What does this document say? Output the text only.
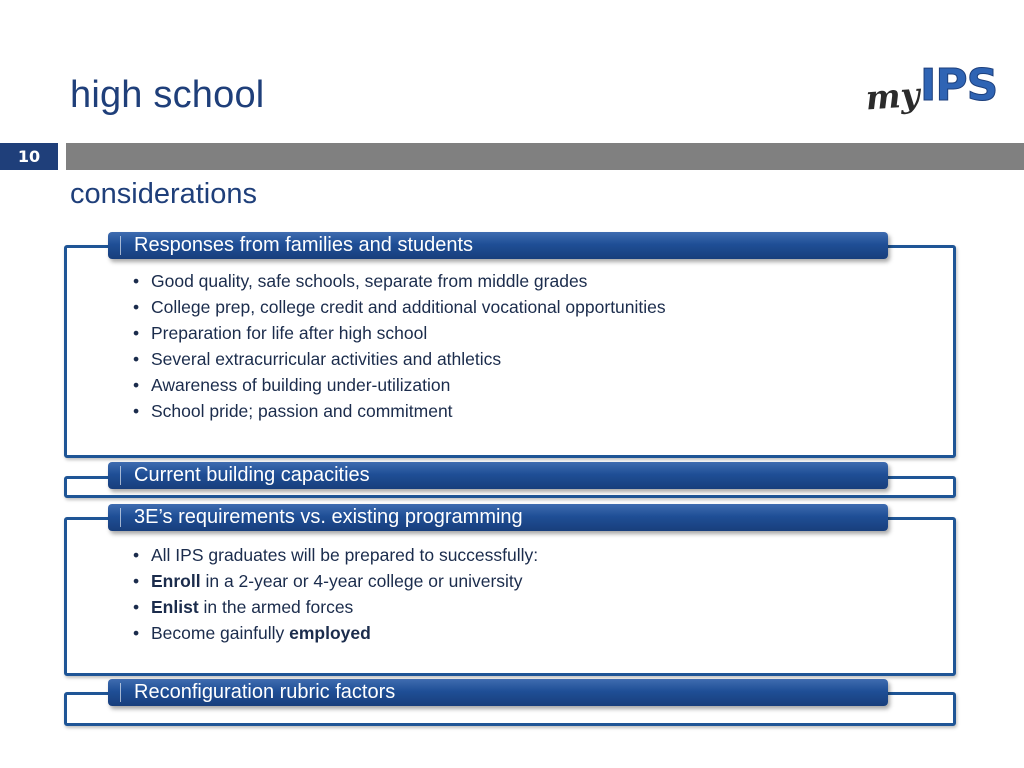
high school	my IPS
10
considerations
• Good quality, safe schools, separate from middle grades
• College prep, college credit and additional vocational opportunities
• Preparation for life after high school
• Several extracurricular activities and athletics
• Awareness of building under-utilization
• School pride; passion and commitment
Responses from families and students
Current building capacities
• All IPS graduates will be prepared to successfully:
• Enroll in a 2-year or 4-year college or university
• Enlist in the armed forces
• Become gainfully employed
3E’s requirements vs. existing programming
Reconfiguration rubric factors
